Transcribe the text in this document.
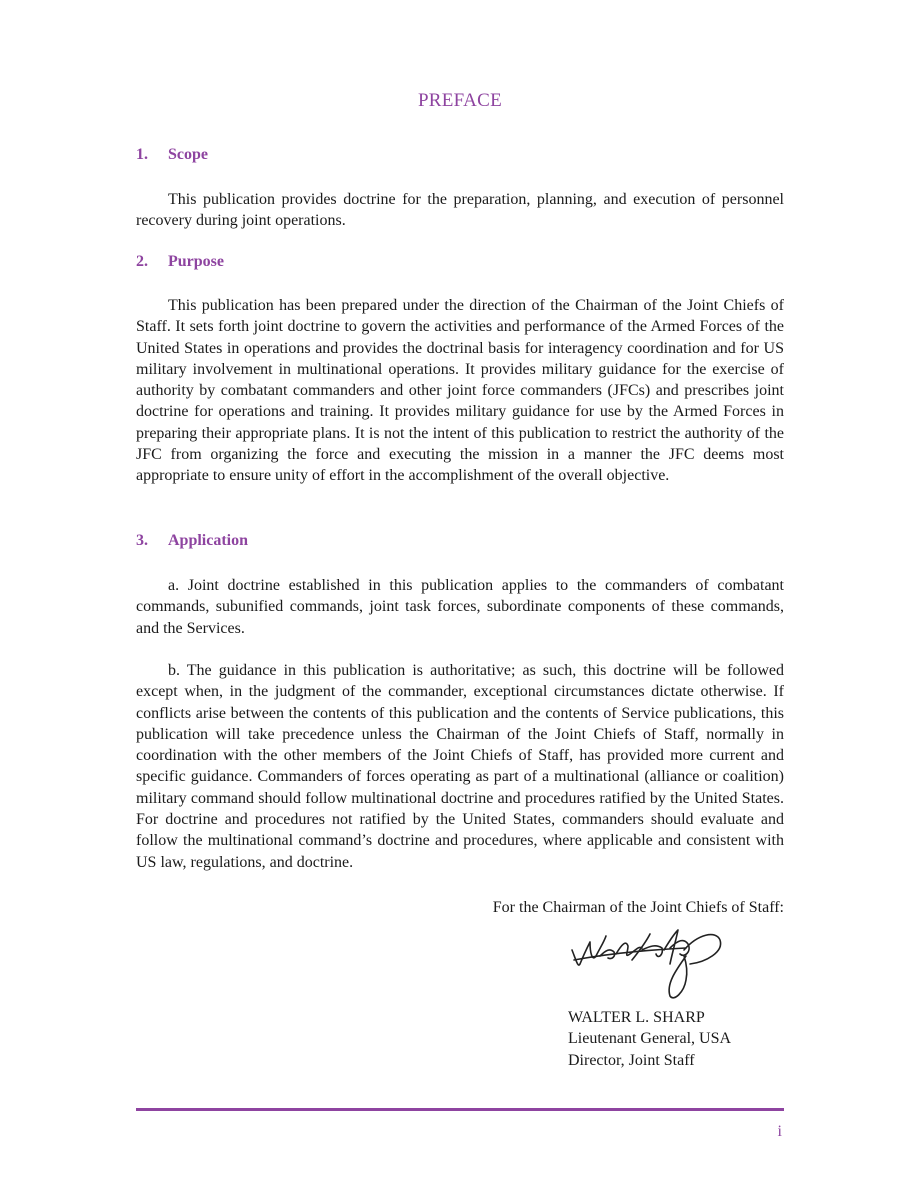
PREFACE
1. Scope

This publication provides doctrine for the preparation, planning, and execution of personnel recovery during joint operations.

2. Purpose

This publication has been prepared under the direction of the Chairman of the Joint Chiefs of Staff. It sets forth joint doctrine to govern the activities and performance of the Armed Forces of the United States in operations and provides the doctrinal basis for interagency coordination and for US military involvement in multinational operations. It provides military guidance for the exercise of authority by combatant commanders and other joint force commanders (JFCs) and prescribes joint doctrine for operations and training. It provides military guidance for use by the Armed Forces in preparing their appropriate plans. It is not the intent of this publication to restrict the authority of the JFC from organizing the force and executing the mission in a manner the JFC deems most appropriate to ensure unity of effort in the accomplishment of the overall objective.

3. Application

a. Joint doctrine established in this publication applies to the commanders of combatant commands, subunified commands, joint task forces, subordinate components of these commands, and the Services.

b. The guidance in this publication is authoritative; as such, this doctrine will be followed except when, in the judgment of the commander, exceptional circumstances dictate otherwise. If conflicts arise between the contents of this publication and the contents of Service publications, this publication will take precedence unless the Chairman of the Joint Chiefs of Staff, normally in coordination with the other members of the Joint Chiefs of Staff, has provided more current and specific guidance. Commanders of forces operating as part of a multinational (alliance or coalition) military command should follow multinational doctrine and procedures ratified by the United States. For doctrine and procedures not ratified by the United States, commanders should evaluate and follow the multinational command’s doctrine and procedures, where applicable and consistent with US law, regulations, and doctrine.

For the Chairman of the Joint Chiefs of Staff:
WALTER L. SHARP
Lieutenant General, USA
Director, Joint Staff
i
